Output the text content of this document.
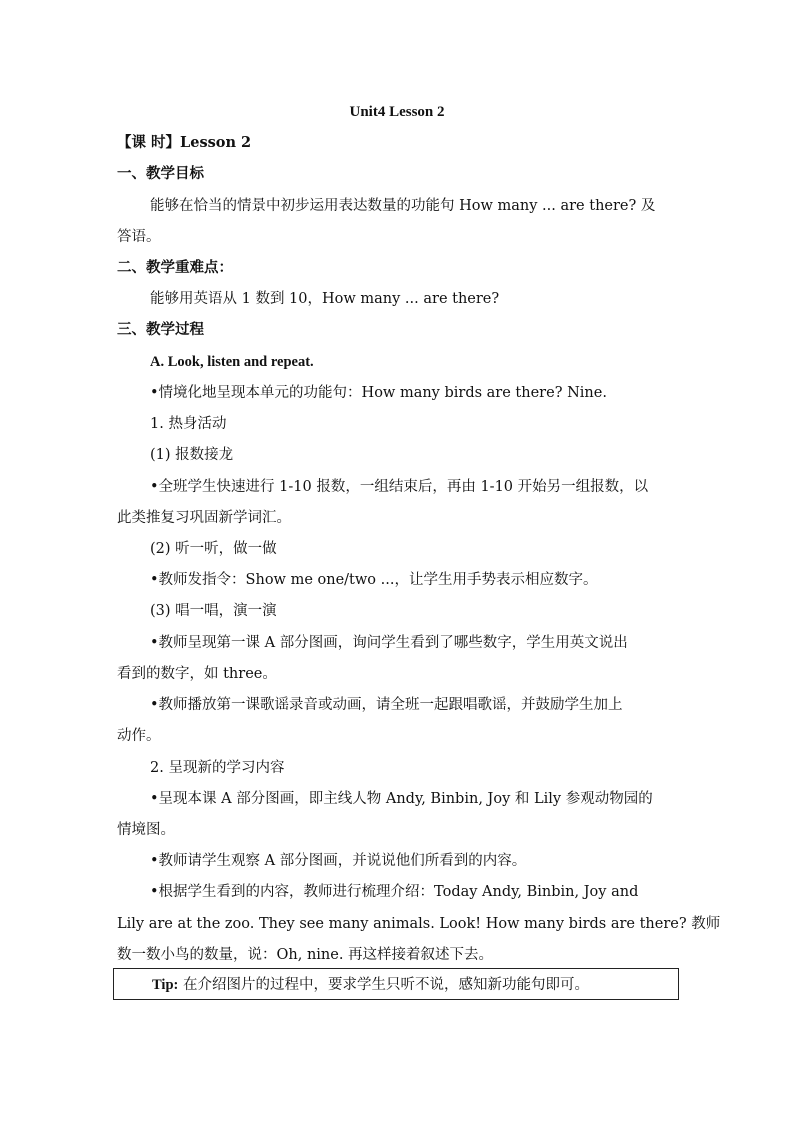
Unit4 Lesson 2
【课 时】Lesson 2
一、教学目标
能够在恰当的情景中初步运用表达数量的功能句 How many ... are there? 及
答语。
二、教学重难点：
能够用英语从 1 数到 10，How many ... are there?
三、教学过程
A. Look, listen and repeat.
•情境化地呈现本单元的功能句：How many birds are there? Nine.
1. 热身活动
(1) 报数接龙
•全班学生快速进行 1-10 报数，一组结束后，再由 1-10 开始另一组报数，以
此类推复习巩固新学词汇。
(2) 听一听，做一做
•教师发指令：Show me one/two ...，让学生用手势表示相应数字。
(3) 唱一唱，演一演
•教师呈现第一课 A 部分图画，询问学生看到了哪些数字，学生用英文说出
看到的数字，如 three。
•教师播放第一课歌谣录音或动画，请全班一起跟唱歌谣，并鼓励学生加上
动作。
2. 呈现新的学习内容
•呈现本课 A 部分图画，即主线人物 Andy, Binbin, Joy 和 Lily 参观动物园的
情境图。
•教师请学生观察 A 部分图画，并说说他们所看到的内容。
•根据学生看到的内容，教师进行梳理介绍：Today Andy, Binbin, Joy and
Lily are at the zoo. They see many animals. Look! How many birds are there? 教师
数一数小鸟的数量，说：Oh, nine. 再这样接着叙述下去。
Tip: 在介绍图片的过程中，要求学生只听不说，感知新功能句即可。
